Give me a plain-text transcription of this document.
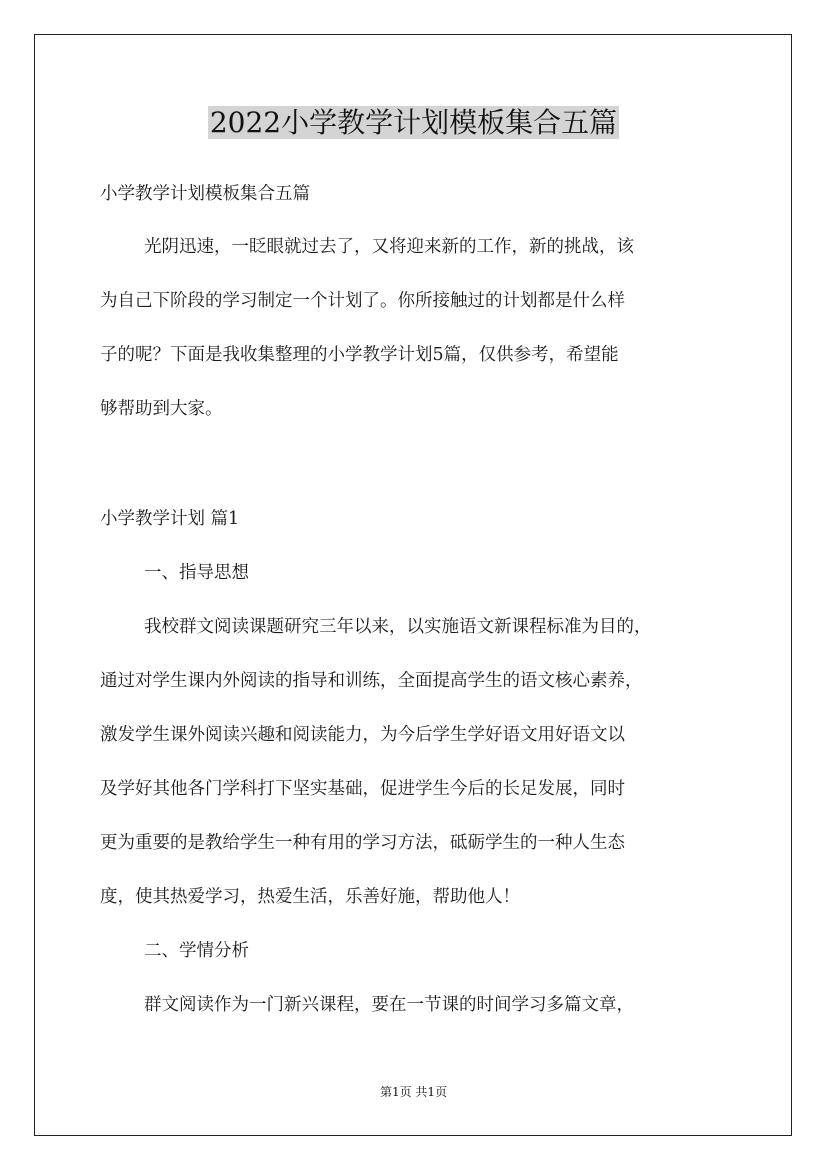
2022小学教学计划模板集合五篇
小学教学计划模板集合五篇
光阴迅速，一眨眼就过去了，又将迎来新的工作，新的挑战，该
为自己下阶段的学习制定一个计划了。你所接触过的计划都是什么样
子的呢？下面是我收集整理的小学教学计划5篇，仅供参考，希望能
够帮助到大家。
小学教学计划 篇1
一、指导思想
我校群文阅读课题研究三年以来，以实施语文新课程标准为目的，
通过对学生课内外阅读的指导和训练，全面提高学生的语文核心素养，
激发学生课外阅读兴趣和阅读能力，为今后学生学好语文用好语文以
及学好其他各门学科打下坚实基础，促进学生今后的长足发展，同时
更为重要的是教给学生一种有用的学习方法，砥砺学生的一种人生态
度，使其热爱学习，热爱生活，乐善好施，帮助他人！
二、学情分析
群文阅读作为一门新兴课程，要在一节课的时间学习多篇文章，
第1页 共1页
